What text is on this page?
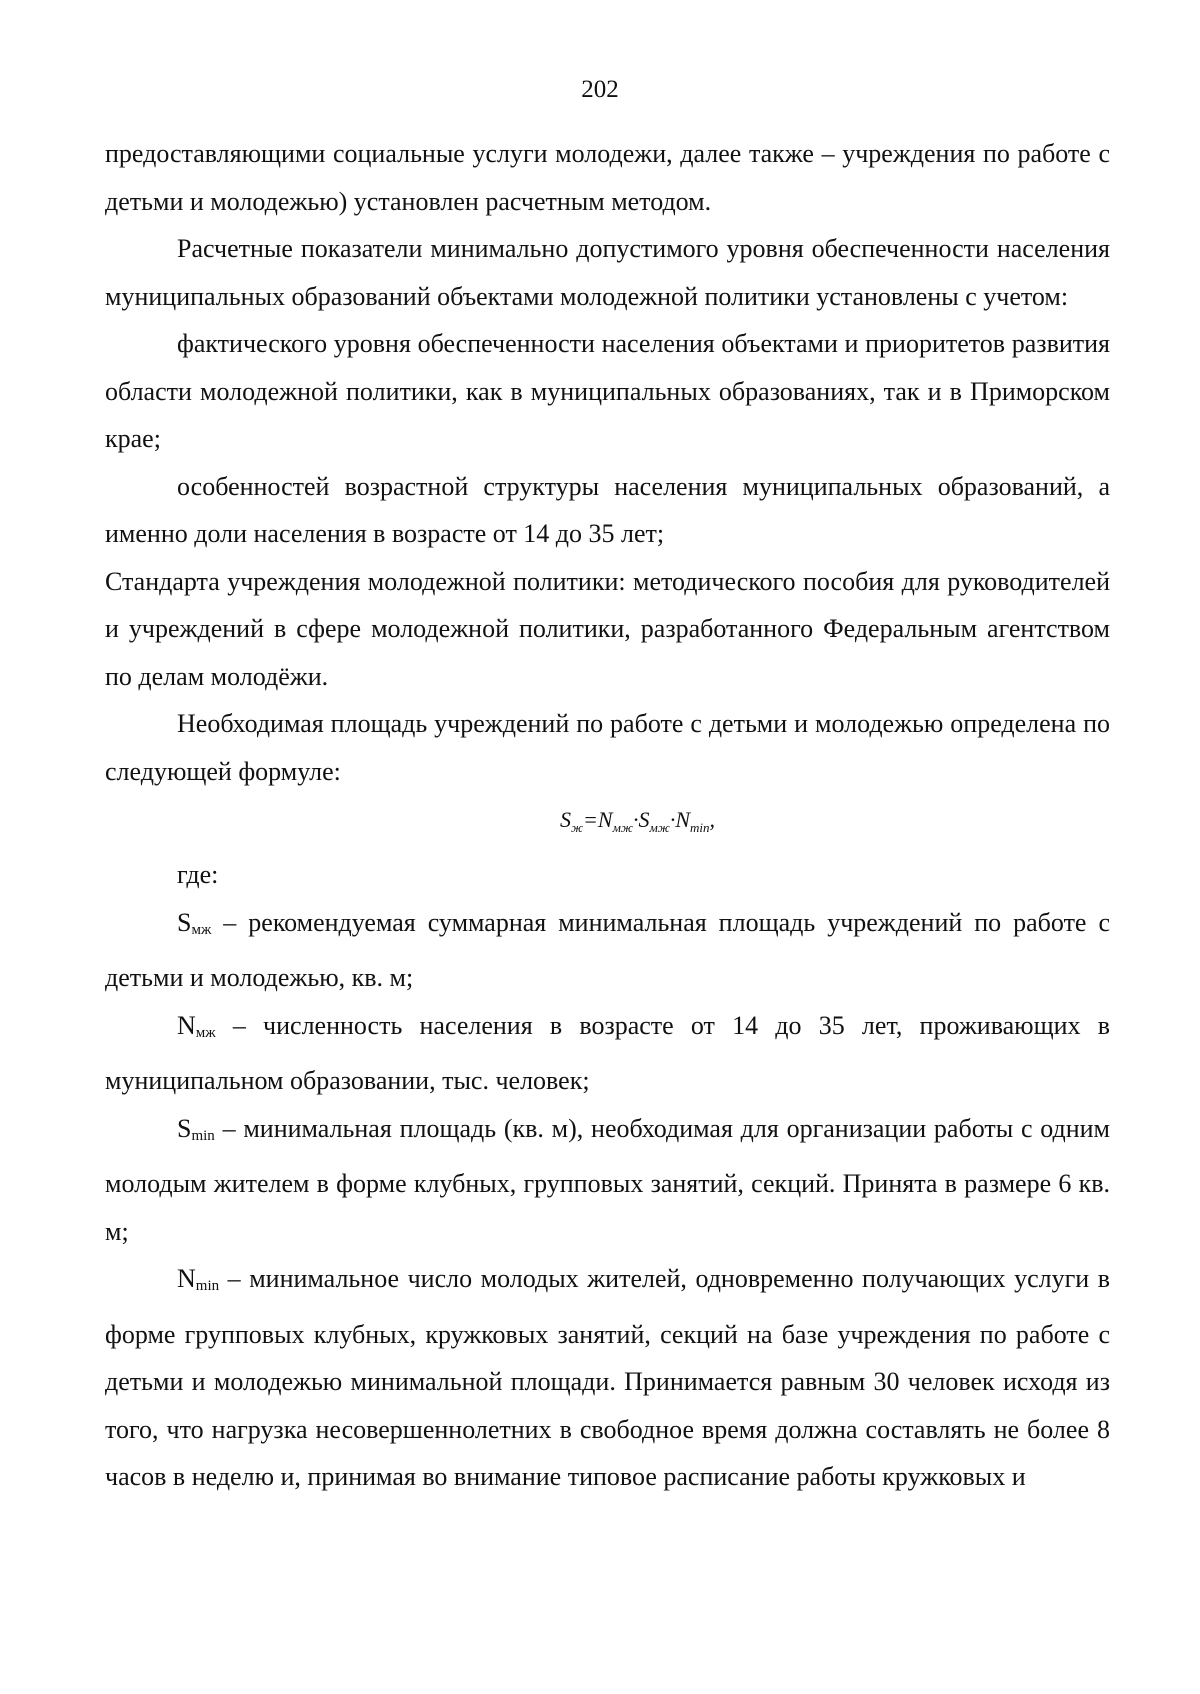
202

предоставляющими социальные услуги молодежи, далее также – учреждения по работе с детьми и молодежью) установлен расчетным методом.

Расчетные показатели минимально допустимого уровня обеспеченности населения муниципальных образований объектами молодежной политики установлены с учетом:

фактического уровня обеспеченности населения объектами и приоритетов развития области молодежной политики, как в муниципальных образованиях, так и в Приморском крае;

особенностей возрастной структуры населения муниципальных образований, а именно доли населения в возрасте от 14 до 35 лет;

Стандарта учреждения молодежной политики: методического пособия для руководителей и учреждений в сфере молодежной политики, разработанного Федеральным агентством по делам молодёжи.

Необходимая площадь учреждений по работе с детьми и молодежью определена по следующей формуле:

$S_ж=N_{мж}\cdot S_{мж}\cdot N_{min}$,

где:

$S_{мж}$ – рекомендуемая суммарная минимальная площадь учреждений по работе с детьми и молодежью, кв. м;

$N_{мж}$ – численность населения в возрасте от 14 до 35 лет, проживающих в муниципальном образовании, тыс. человек;

$S_{min}$ – минимальная площадь (кв. м), необходимая для организации работы с одним молодым жителем в форме клубных, групповых занятий, секций. Принята в размере 6 кв. м;

$N_{min}$ – минимальное число молодых жителей, одновременно получающих услуги в форме групповых клубных, кружковых занятий, секций на базе учреждения по работе с детьми и молодежью минимальной площади. Принимается равным 30 человек исходя из того, что нагрузка несовершеннолетних в свободное время должна составлять не более 8 часов в неделю и, принимая во внимание типовое расписание работы кружковых и
